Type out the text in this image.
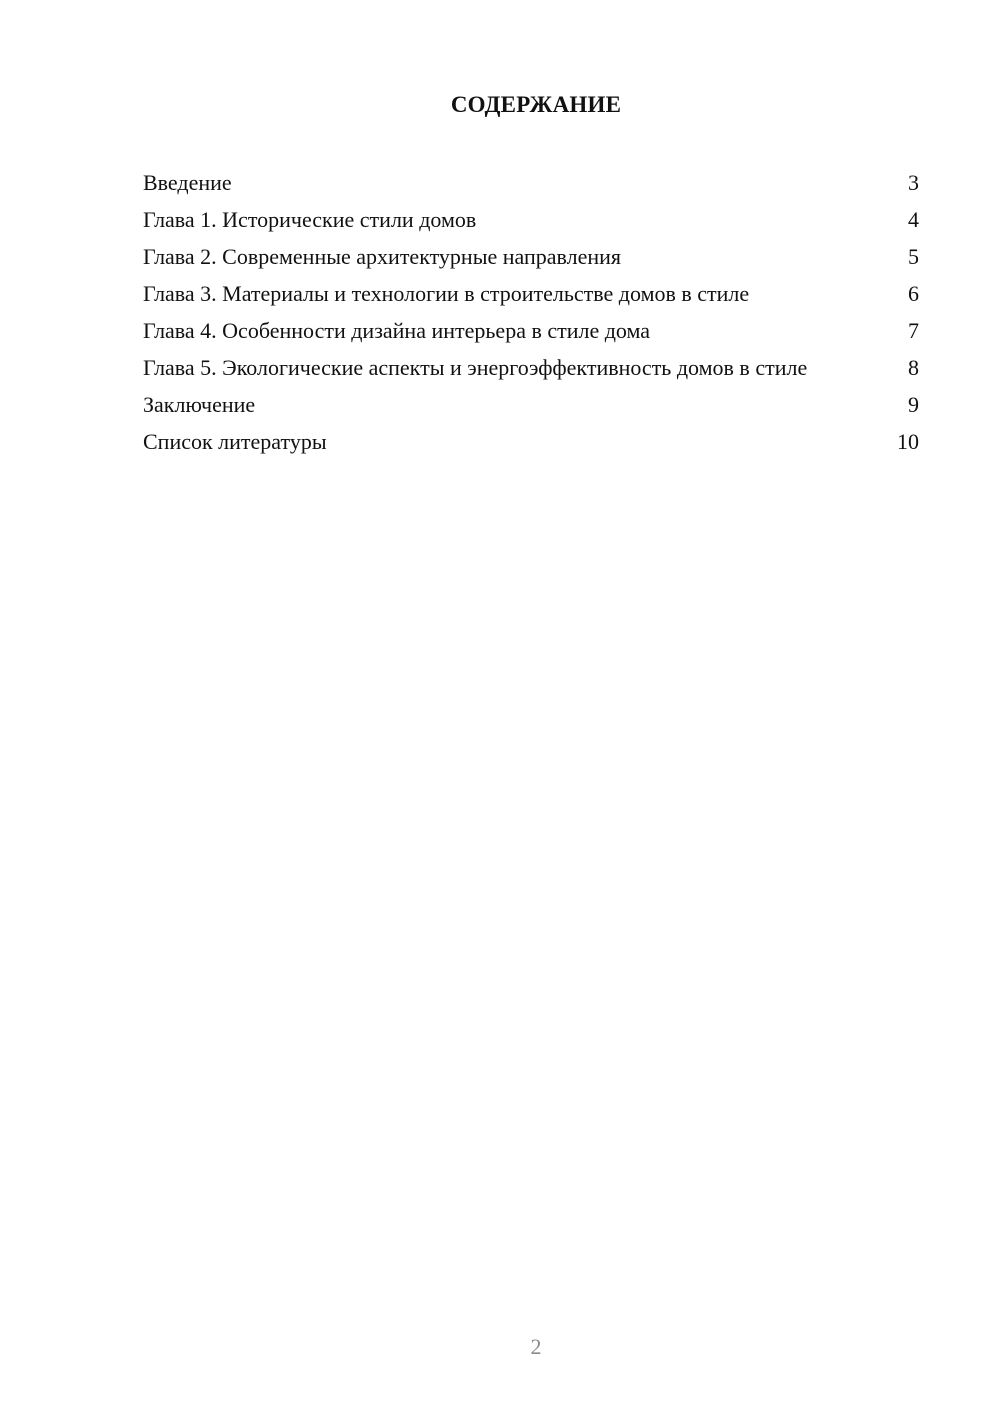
СОДЕРЖАНИЕ
Введение	3
Глава 1. Исторические стили домов	4
Глава 2. Современные архитектурные направления	5
Глава 3. Материалы и технологии в строительстве домов в стиле	6
Глава 4. Особенности дизайна интерьера в стиле дома	7
Глава 5. Экологические аспекты и энергоэффективность домов в стиле	8
Заключение	9
Список литературы	10
2
